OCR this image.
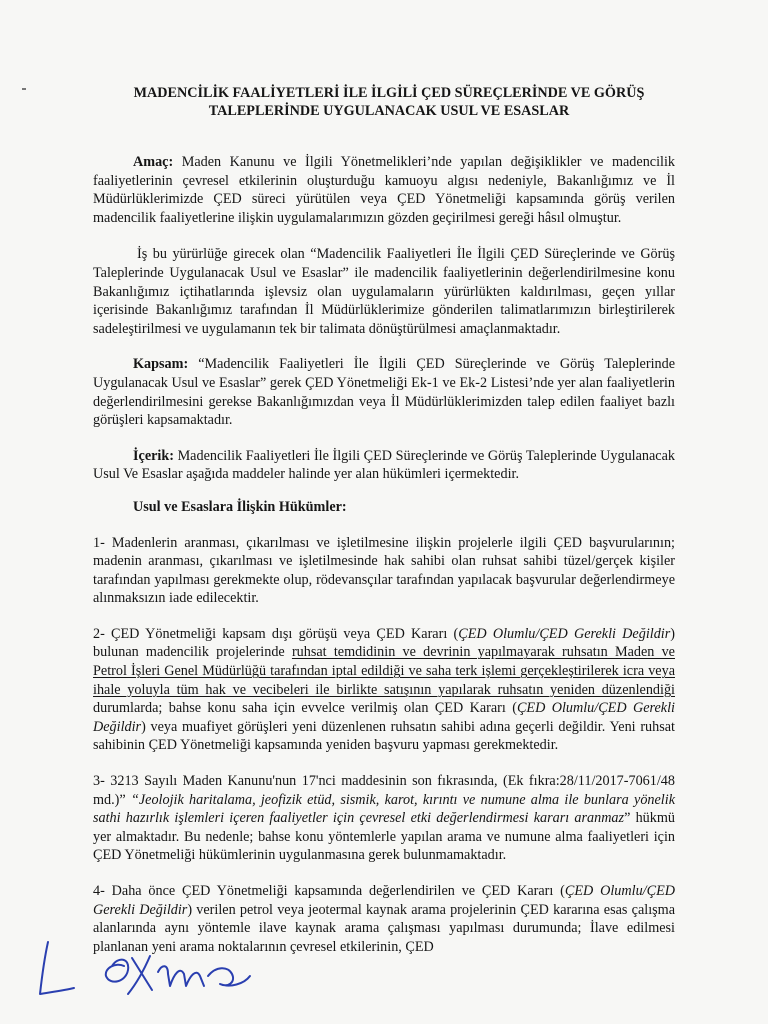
MADENCİLİK FAALİYETLERİ İLE İLGİLİ ÇED SÜREÇLERİNDE VE GÖRÜŞ
TALEPLERİNDE UYGULANACAK USUL VE ESASLAR

Amaç: Maden Kanunu ve İlgili Yönetmelikleri’nde yapılan değişiklikler ve madencilik faaliyetlerinin çevresel etkilerinin oluşturduğu kamuoyu algısı nedeniyle, Bakanlığımız ve İl Müdürlüklerimizde ÇED süreci yürütülen veya ÇED Yönetmeliği kapsamında görüş verilen madencilik faaliyetlerine ilişkin uygulamalarımızın gözden geçirilmesi gereği hâsıl olmuştur.

İş bu yürürlüğe girecek olan “Madencilik Faaliyetleri İle İlgili ÇED Süreçlerinde ve Görüş Taleplerinde Uygulanacak Usul ve Esaslar” ile madencilik faaliyetlerinin değerlendirilmesine konu Bakanlığımız içtihatlarında işlevsiz olan uygulamaların yürürlükten kaldırılması, geçen yıllar içerisinde Bakanlığımız tarafından İl Müdürlüklerimize gönderilen talimatlarımızın birleştirilerek sadeleştirilmesi ve uygulamanın tek bir talimata dönüştürülmesi amaçlanmaktadır.

Kapsam: “Madencilik Faaliyetleri İle İlgili ÇED Süreçlerinde ve Görüş Taleplerinde Uygulanacak Usul ve Esaslar” gerek ÇED Yönetmeliği Ek-1 ve Ek-2 Listesi’nde yer alan faaliyetlerin değerlendirilmesini gerekse Bakanlığımızdan veya İl Müdürlüklerimizden talep edilen faaliyet bazlı görüşleri kapsamaktadır.

İçerik: Madencilik Faaliyetleri İle İlgili ÇED Süreçlerinde ve Görüş Taleplerinde Uygulanacak Usul Ve Esaslar aşağıda maddeler halinde yer alan hükümleri içermektedir.

Usul ve Esaslara İlişkin Hükümler:

1- Madenlerin aranması, çıkarılması ve işletilmesine ilişkin projelerle ilgili ÇED başvurularının; madenin aranması, çıkarılması ve işletilmesinde hak sahibi olan ruhsat sahibi tüzel/gerçek kişiler tarafından yapılması gerekmekte olup, rödevansçılar tarafından yapılacak başvurular değerlendirmeye alınmaksızın iade edilecektir.

2- ÇED Yönetmeliği kapsam dışı görüşü veya ÇED Kararı (ÇED Olumlu/ÇED Gerekli Değildir) bulunan madencilik projelerinde ruhsat temdidinin ve devrinin yapılmayarak ruhsatın Maden ve Petrol İşleri Genel Müdürlüğü tarafından iptal edildiği ve saha terk işlemi gerçekleştirilerek icra veya ihale yoluyla tüm hak ve vecibeleri ile birlikte satışının yapılarak ruhsatın yeniden düzenlendiği durumlarda; bahse konu saha için evvelce verilmiş olan ÇED Kararı (ÇED Olumlu/ÇED Gerekli Değildir) veya muafiyet görüşleri yeni düzenlenen ruhsatın sahibi adına geçerli değildir. Yeni ruhsat sahibinin ÇED Yönetmeliği kapsamında yeniden başvuru yapması gerekmektedir.

3- 3213 Sayılı Maden Kanunu'nun 17'nci maddesinin son fıkrasında, (Ek fıkra:28/11/2017-7061/48 md.)” “Jeolojik haritalama, jeofizik etüd, sismik, karot, kırıntı ve numune alma ile bunlara yönelik sathi hazırlık işlemleri içeren faaliyetler için çevresel etki değerlendirmesi kararı aranmaz” hükmü yer almaktadır. Bu nedenle; bahse konu yöntemlerle yapılan arama ve numune alma faaliyetleri için ÇED Yönetmeliği hükümlerinin uygulanmasına gerek bulunmamaktadır.

4- Daha önce ÇED Yönetmeliği kapsamında değerlendirilen ve ÇED Kararı (ÇED Olumlu/ÇED Gerekli Değildir) verilen petrol veya jeotermal kaynak arama projelerinin ÇED kararına esas çalışma alanlarında aynı yöntemle ilave kaynak arama çalışması yapılması durumunda; İlave edilmesi planlanan yeni arama noktalarının çevresel etkilerinin, ÇED
